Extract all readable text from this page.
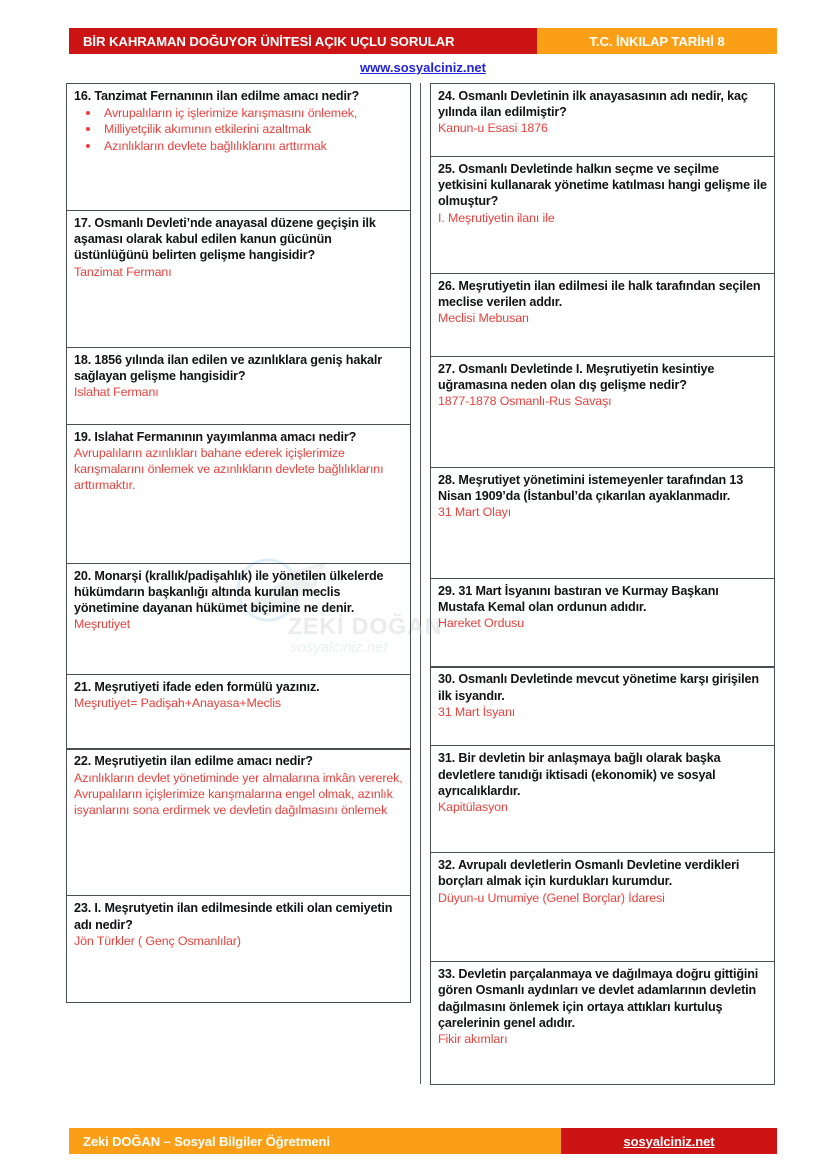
BİR KAHRAMAN DOĞUYOR ÜNİTESİ AÇIK UÇLU SORULAR	T.C. İNKILAP TARİHİ 8
www.sosyalciniz.net
ZEKİ DOĞAN
sosyalciniz.net
16. Tanzimat Fernanının ilan edilme amacı nedir?
Avrupalıların iç işlerimize karışmasını önlemek,
Milliyetçilik akımının etkilerini azaltmak
Azınlıkların devlete bağlılıklarını arttırmak
17. Osmanlı Devleti’nde anayasal düzene geçişin ilk aşaması olarak kabul edilen kanun gücünün üstünlüğünü belirten gelişme hangisidir?
Tanzimat Fermanı
18. 1856 yılında ilan edilen ve azınlıklara geniş hakalr sağlayan gelişme hangisidir?
Islahat Fermanı
19. Islahat Fermanının yayımlanma amacı nedir?
Avrupalıların azınlıkları bahane ederek içişlerimize karışmalarını önlemek ve azınlıkların devlete bağlılıklarını arttırmaktır.
20. Monarşi (krallık/padişahlık) ile yönetilen ülkelerde hükümdarın başkanlığı altında kurulan meclis yönetimine dayanan hükümet biçimine ne denir.
Meşrutiyet
21. Meşrutiyeti ifade eden formülü yazınız.
Meşrutiyet= Padişah+Anayasa+Meclis
22. Meşrutiyetin ilan edilme amacı nedir?
Azınlıkların devlet yönetiminde yer almalarına imkân vererek, Avrupalıların içişlerimize karışmalarına engel olmak, azınlık isyanlarını sona erdirmek ve devletin dağılmasını önlemek
23. I. Meşrutyetin ilan edilmesinde etkili olan cemiyetin adı nedir?
Jön Türkler ( Genç Osmanlılar)
24. Osmanlı Devletinin ilk anayasasının adı nedir, kaç yılında ilan edilmiştir?
Kanun-u Esasi 1876
25. Osmanlı Devletinde halkın seçme ve seçilme yetkisini kullanarak yönetime katılması hangi gelişme ile olmuştur?
I. Meşrutiyetin ilanı ile
26. Meşrutiyetin ilan edilmesi ile halk tarafından seçilen meclise verilen addır.
Meclisi Mebusan
27. Osmanlı Devletinde I. Meşrutiyetin kesintiye uğramasına neden olan dış gelişme nedir?
1877-1878 Osmanlı-Rus Savaşı
28. Meşrutiyet yönetimini istemeyenler tarafından 13 Nisan 1909’da (İstanbul’da çıkarılan ayaklanmadır.
31 Mart Olayı
29. 31 Mart İsyanını bastıran ve Kurmay Başkanı Mustafa Kemal olan ordunun adıdır.
Hareket Ordusu
30. Osmanlı Devletinde mevcut yönetime karşı girişilen ilk isyandır.
31 Mart İsyanı
31. Bir devletin bir anlaşmaya bağlı olarak başka devletlere tanıdığı iktisadi (ekonomik) ve sosyal ayrıcalıklardır.
Kapitülasyon
32. Avrupalı devletlerin Osmanlı Devletine verdikleri borçları almak için kurdukları kurumdur.
Düyun-u Umumiye (Genel Borçlar) İdaresi
33. Devletin parçalanmaya ve dağılmaya doğru gittiğini gören Osmanlı aydınları ve devlet adamlarının devletin dağılmasını önlemek için ortaya attıkları kurtuluş çarelerinin genel adıdır.
Fikir akımları
Zeki DOĞAN – Sosyal Bilgiler Öğretmeni	sosyalciniz.net
